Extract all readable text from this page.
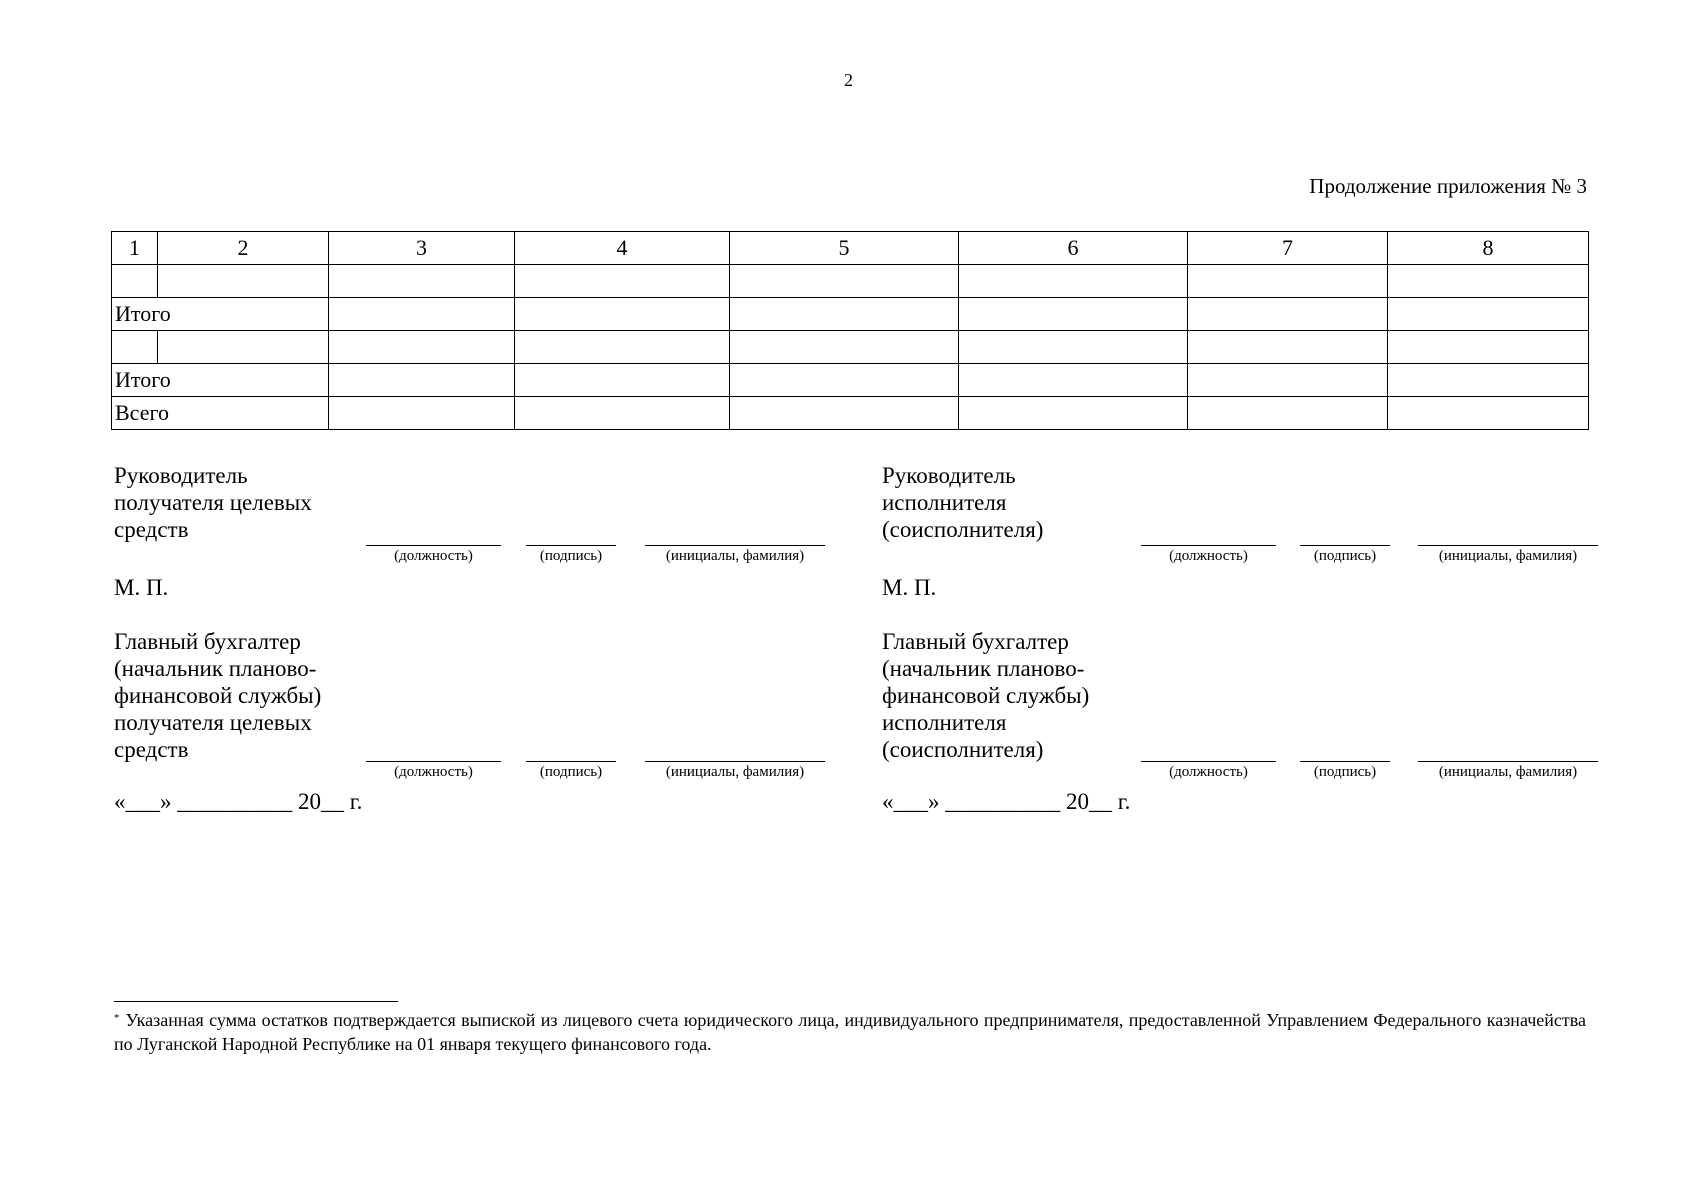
2
Продолжение приложения № 3
1	2	3	4	5	6	7	8

Итого							

Итого							
Всего							
Руководитель
получателя целевых
средств
(должность)	(подпись)	(инициалы, фамилия)
М. П.
Главный бухгалтер
(начальник планово-
финансовой службы)
получателя целевых
средств
(должность)	(подпись)	(инициалы, фамилия)
«___» __________ 20__ г.
Руководитель
исполнителя
(соисполнителя)
(должность)	(подпись)	(инициалы, фамилия)
М. П.
Главный бухгалтер
(начальник планово-
финансовой службы)
исполнителя
(соисполнителя)
(должность)	(подпись)	(инициалы, фамилия)
«___» __________ 20__ г.
* Указанная сумма остатков подтверждается выпиской из лицевого счета юридического лица, индивидуального предпринимателя, предоставленной Управлением Федерального казначейства по Луганской Народной Республике на 01 января текущего финансового года.
